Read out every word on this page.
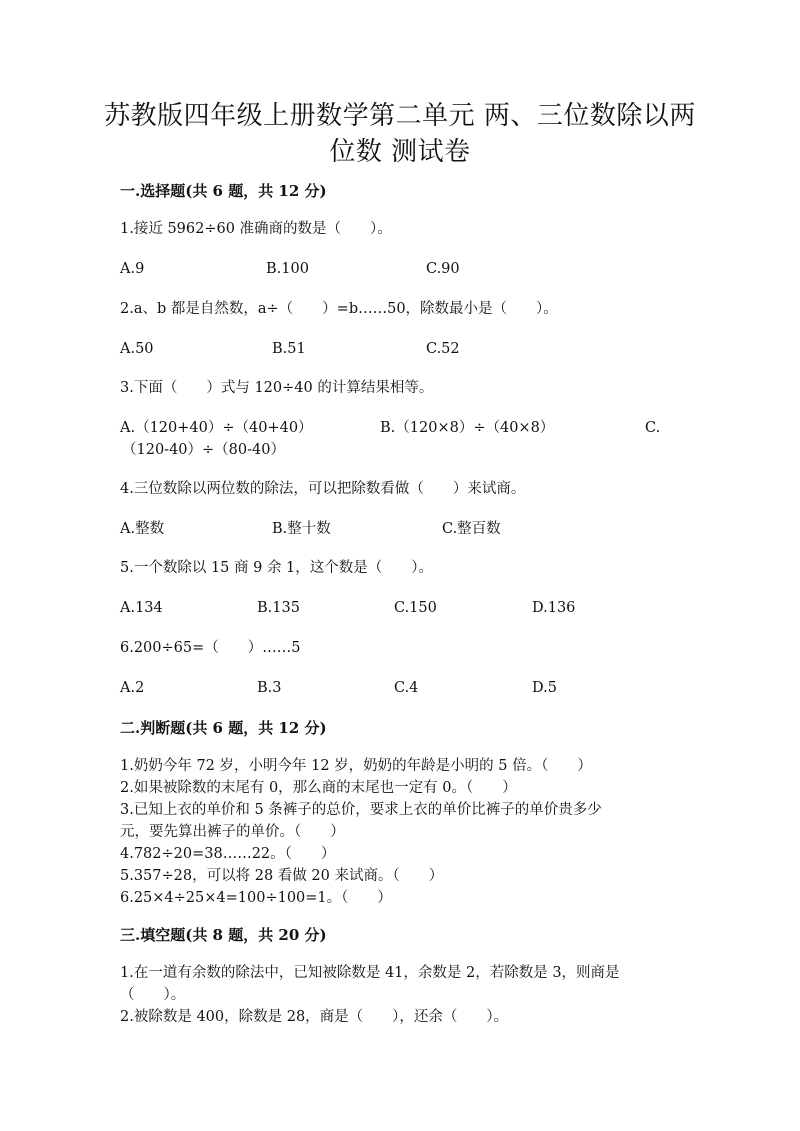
苏教版四年级上册数学第二单元 两、三位数除以两
位数 测试卷
一.选择题(共 6 题，共 12 分)
1.接近 5962÷60 准确商的数是（　　）。
A.9	B.100	C.90
2.a、b 都是自然数，a÷（　　）=b……50，除数最小是（　　）。
A.50	B.51	C.52
3.下面（　　）式与 120÷40 的计算结果相等。
A.（120+40）÷（40+40）	B.（120×8）÷（40×8）	C.
（120-40）÷（80-40）
4.三位数除以两位数的除法，可以把除数看做（　　）来试商。
A.整数	B.整十数	C.整百数
5.一个数除以 15 商 9 余 1，这个数是（　　）。
A.134	B.135	C.150	D.136
6.200÷65=（　　）……5
A.2	B.3	C.4	D.5
二.判断题(共 6 题，共 12 分)
1.奶奶今年 72 岁，小明今年 12 岁，奶奶的年龄是小明的 5 倍。（　　）
2.如果被除数的末尾有 0，那么商的末尾也一定有 0。（　　）
3.已知上衣的单价和 5 条裤子的总价，要求上衣的单价比裤子的单价贵多少
元，要先算出裤子的单价。（　　）
4.782÷20=38……22。（　　）
5.357÷28，可以将 28 看做 20 来试商。（　　）
6.25×4÷25×4=100÷100=1。（　　）
三.填空题(共 8 题，共 20 分)
1.在一道有余数的除法中，已知被除数是 41，余数是 2，若除数是 3，则商是
（　　）。
2.被除数是 400，除数是 28，商是（　　），还余（　　）。
